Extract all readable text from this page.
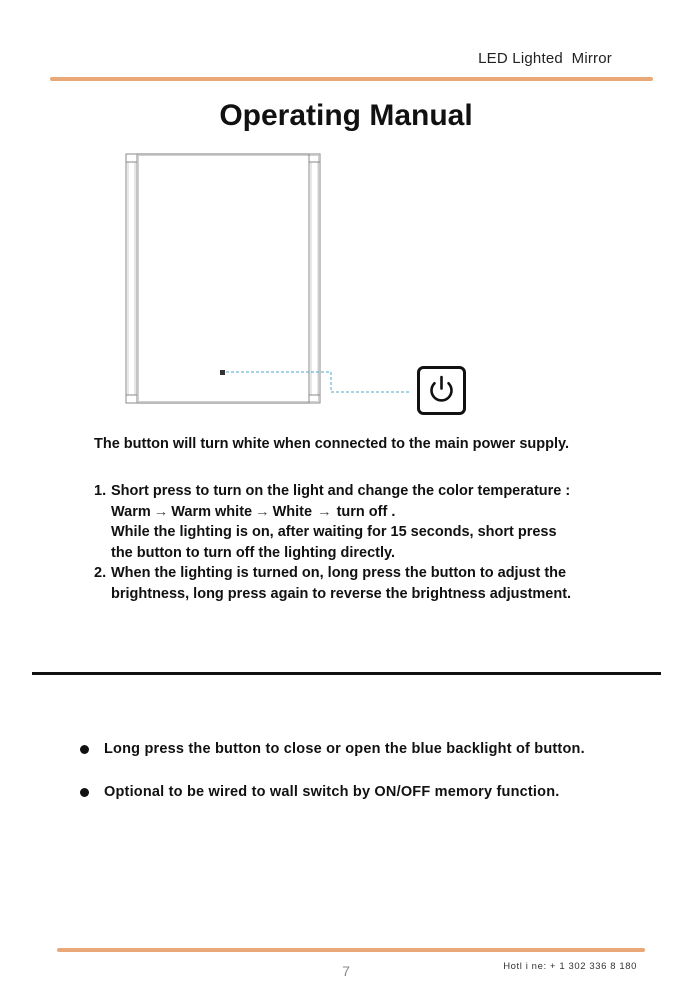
LED Lighted  Mirror
Operating Manual
The button will turn white when connected to the main power supply.
1. Short press to turn on the light and change the color temperature :
Warm → Warm white → White → turn off .
While the lighting is on, after waiting for 15 seconds, short press
the button to turn off the lighting directly.
2. When the lighting is turned on, long press the button to adjust the
brightness, long press again to reverse the brightness adjustment.
Long press the button to close or open the blue backlight of button.
Optional to be wired to wall switch by ON/OFF memory function.
7	Hotl i ne: + 1 302 336 8 180
